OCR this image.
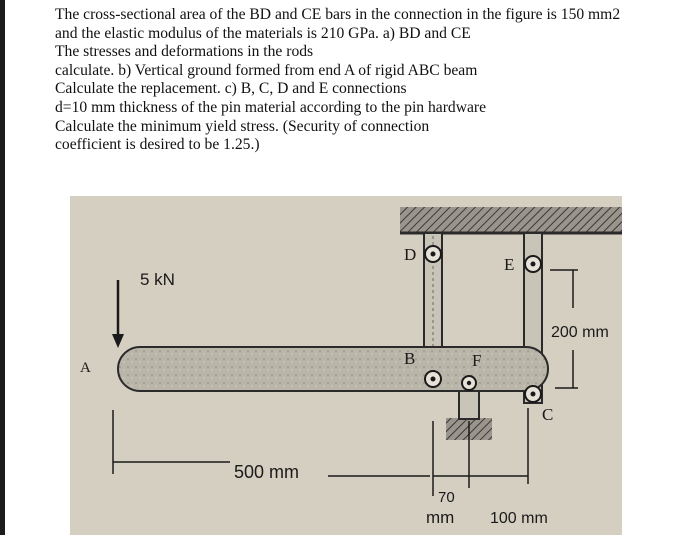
The cross-sectional area of the BD and CE bars in the connection in the figure is 150 mm2
and the elastic modulus of the materials is 210 GPa. a) BD and CE
The stresses and deformations in the rods
calculate. b) Vertical ground formed from end A of rigid ABC beam
Calculate the replacement. c) B, C, D and E connections
d=10 mm thickness of the pin material according to the pin hardware
Calculate the minimum yield stress. (Security of connection
coefficient is desired to be 1.25.)
5 kN
A	B
C
D
E
F
200 mm
500 mm
70
mm 100 mm
